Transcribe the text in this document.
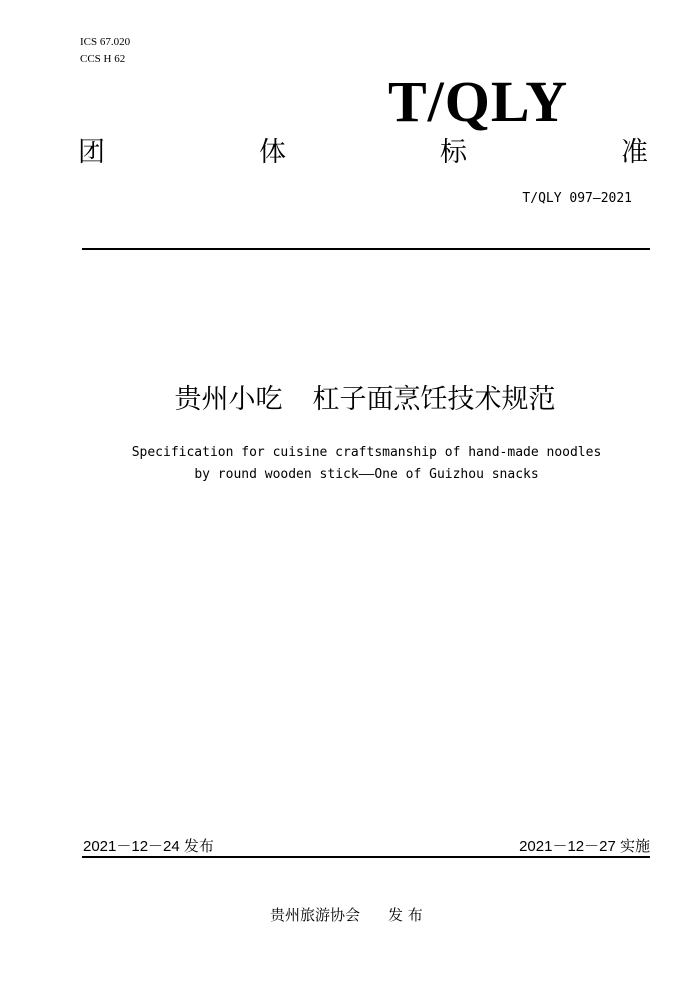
ICS 67.020
CCS H 62
T/QLY
团	体	标	准
T/QLY 097—2021
贵州小吃 杠子面烹饪技术规范
Specification for cuisine craftsmanship of hand-made noodles
by round wooden stick——One of Guizhou snacks
2021－12－24 发布	2021－12－27 实施
贵州旅游协会 发 布
